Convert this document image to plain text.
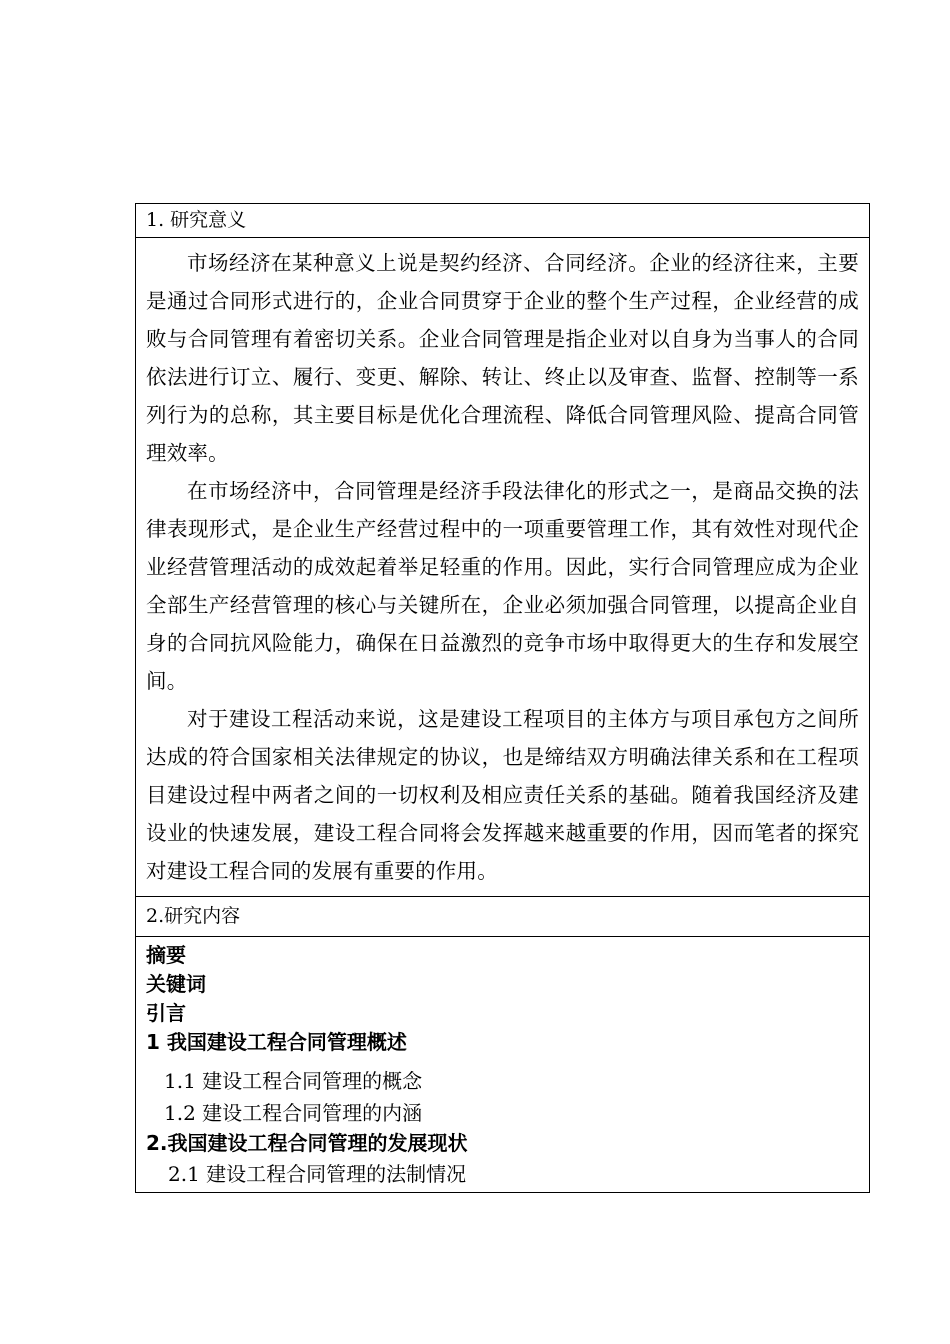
1. 研究意义

市场经济在某种意义上说是契约经济、合同经济。企业的经济往来，主要是通过合同形式进行的，企业合同贯穿于企业的整个生产过程，企业经营的成败与合同管理有着密切关系。企业合同管理是指企业对以自身为当事人的合同依法进行订立、履行、变更、解除、转让、终止以及审查、监督、控制等一系列行为的总称，其主要目标是优化合理流程、降低合同管理风险、提高合同管理效率。

在市场经济中，合同管理是经济手段法律化的形式之一，是商品交换的法律表现形式，是企业生产经营过程中的一项重要管理工作，其有效性对现代企业经营管理活动的成效起着举足轻重的作用。因此，实行合同管理应成为企业全部生产经营管理的核心与关键所在，企业必须加强合同管理，以提高企业自身的合同抗风险能力，确保在日益激烈的竞争市场中取得更大的生存和发展空间。

对于建设工程活动来说，这是建设工程项目的主体方与项目承包方之间所达成的符合国家相关法律规定的协议，也是缔结双方明确法律关系和在工程项目建设过程中两者之间的一切权利及相应责任关系的基础。随着我国经济及建设业的快速发展，建设工程合同将会发挥越来越重要的作用，因而笔者的探究对建设工程合同的发展有重要的作用。

2.研究内容

摘要

关键词

引言

1 我国建设工程合同管理概述

1.1 建设工程合同管理的概念

1.2 建设工程合同管理的内涵

2.我国建设工程合同管理的发展现状

2.1 建设工程合同管理的法制情况
